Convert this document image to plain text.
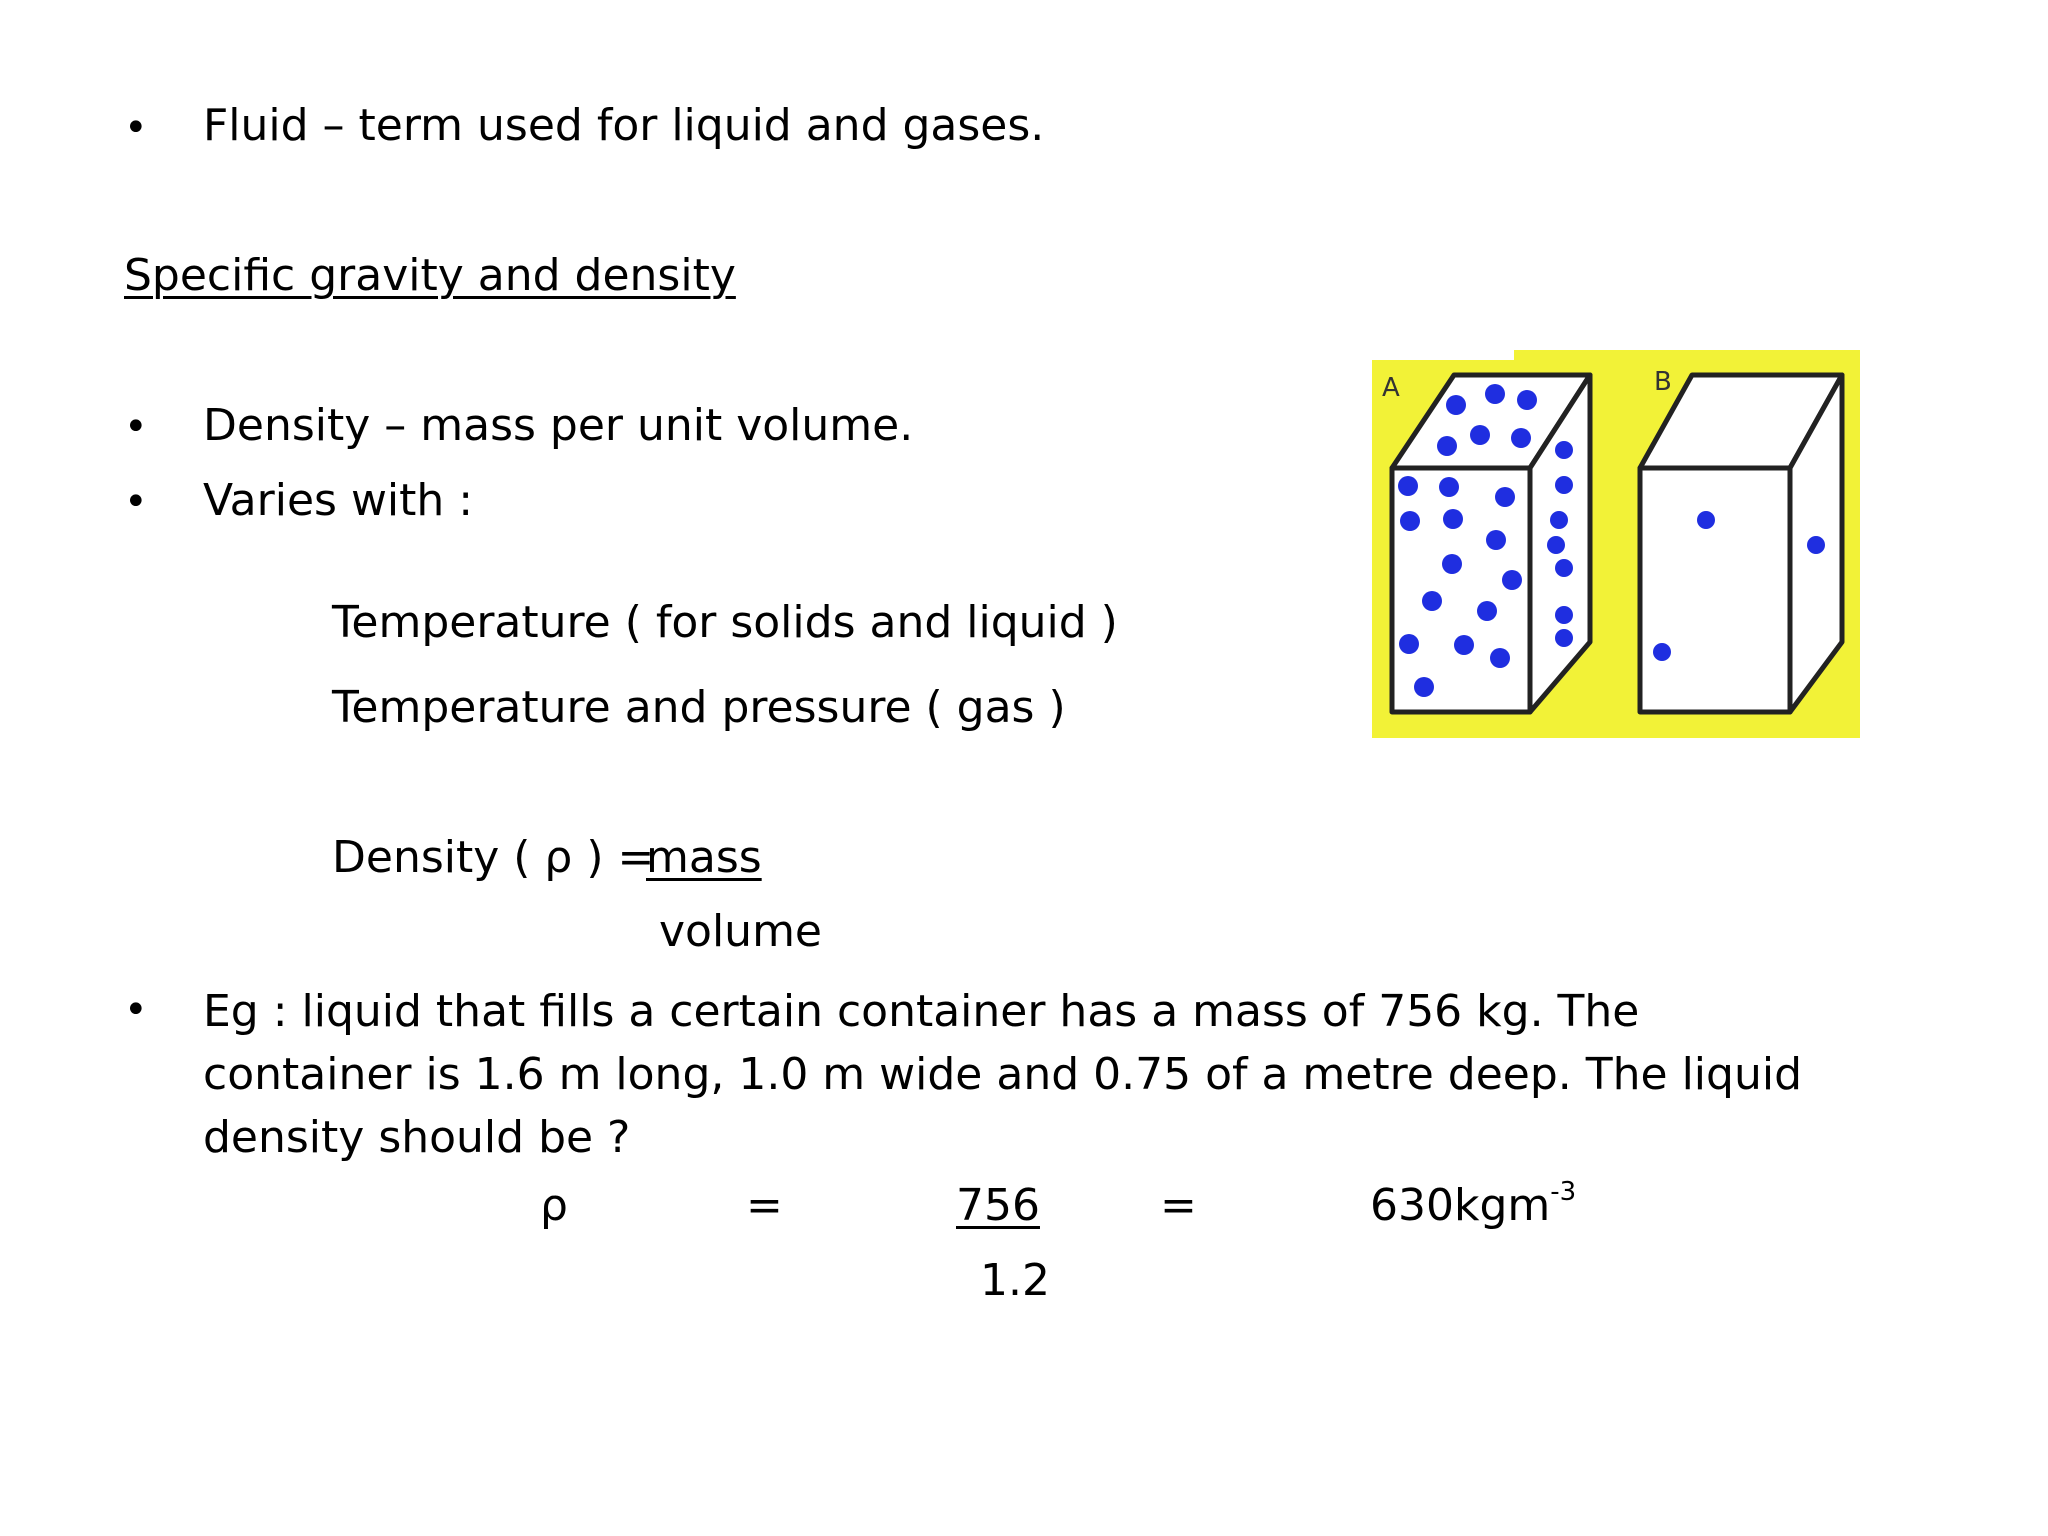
• Fluid – term used for liquid and gases.
Specific gravity and density
• Density – mass per unit volume.
• Varies with :
Temperature ( for solids and liquid )
Temperature and pressure ( gas )
Density ( ρ ) =
mass
volume
• Eg : liquid that fills a certain container has a mass of 756 kg. The container is 1.6 m long, 1.0 m wide and 0.75 of a metre deep. The liquid density should be ?
ρ	=	756
1.2
=	630kgm$^{-3}$
A	B
